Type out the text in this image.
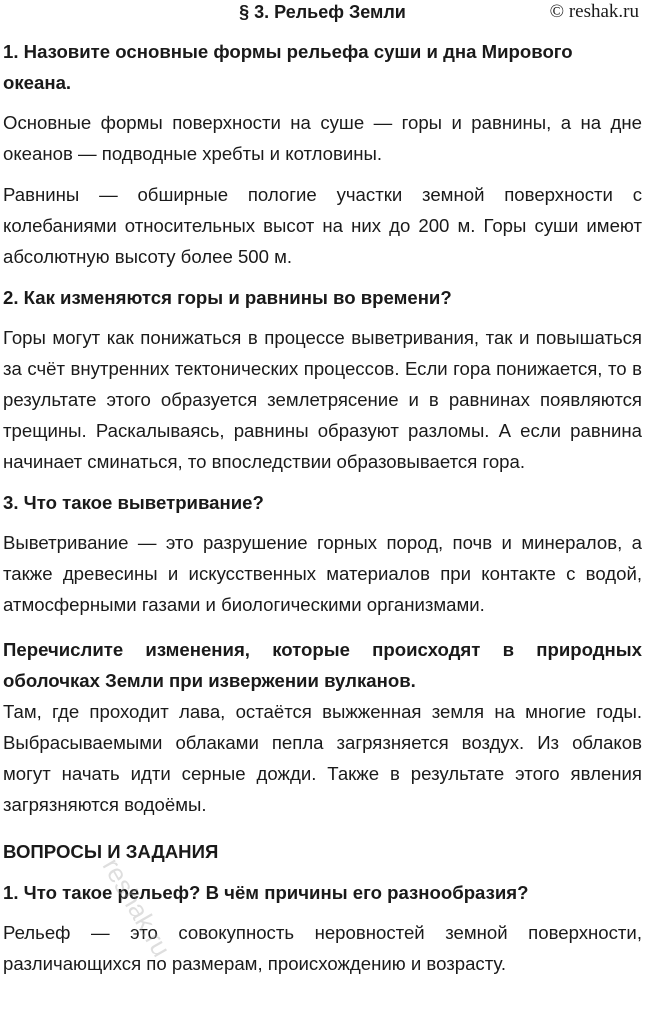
§ 3. Рельеф Земли	© reshak.ru
1. Назовите основные формы рельефа суши и дна Мирового океана.

Основные формы поверхности на суше — горы и равнины, а на дне океанов — подводные хребты и котловины.

Равнины — обширные пологие участки земной поверхности с колебаниями относительных высот на них до 200 м. Горы суши имеют абсолютную высоту более 500 м.

2. Как изменяются горы и равнины во времени?

Горы могут как понижаться в процессе выветривания, так и повышаться за счёт внутренних тектонических процессов. Если гора понижается, то в результате этого образуется землетрясение и в равнинах появляются трещины. Раскалываясь, равнины образуют разломы. А если равнина начинает сминаться, то впоследствии образовывается гора.

3. Что такое выветривание?

Выветривание — это разрушение горных пород, почв и минералов, а также древесины и искусственных материалов при контакте с водой, атмосферными газами и биологическими организмами.

Перечислите изменения, которые происходят в природных оболочках Земли при извержении вулканов.

Там, где проходит лава, остаётся выжженная земля на многие годы. Выбрасываемыми облаками пепла загрязняется воздух. Из облаков могут начать идти серные дожди. Также в результате этого явления загрязняются водоёмы.

ВОПРОСЫ И ЗАДАНИЯ
1. Что такое рельеф? В чём причины его разнообразия?

Рельеф — это совокупность неровностей земной поверхности, различающихся по размерам, происхождению и возрасту.

reshak.ru
